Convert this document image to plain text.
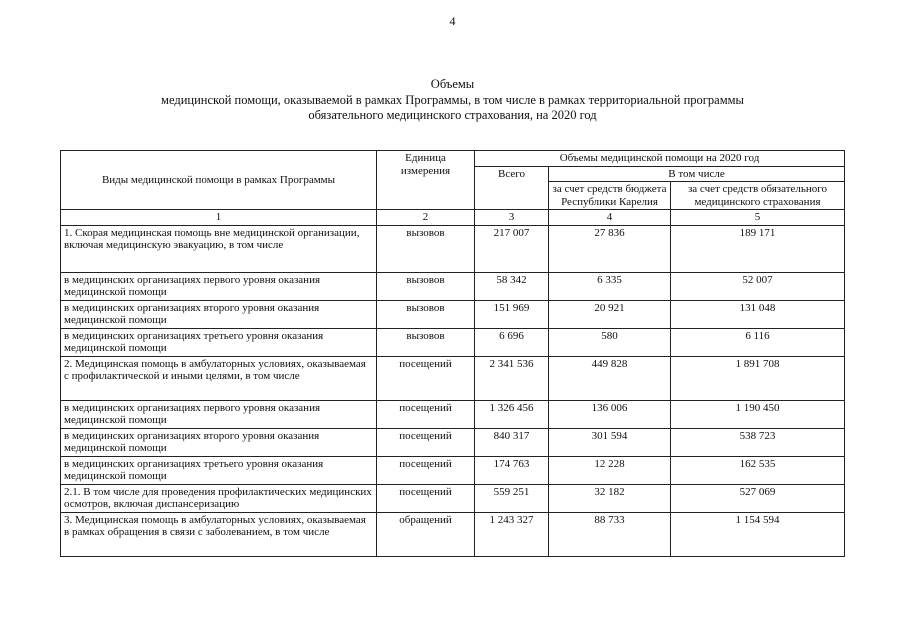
4
Объемы
медицинской помощи, оказываемой в рамках Программы, в том числе в рамках территориальной программы
обязательного медицинского страхования, на 2020 год
Виды медицинской помощи в рамках Программы	Единица измерения	Объемы медицинской помощи на 2020 год		
		Всего	В том числе	
			за счет средств бюджета Республики Карелия	за счет средств обязательного медицинского страхования
1	2	3	4	5
1. Скорая медицинская помощь вне медицинской организации, включая медицинскую эвакуацию, в том числе	вызовов	217 007	27 836	189 171
в медицинских организациях первого уровня оказания медицинской помощи	вызовов	58 342	6 335	52 007
в медицинских организациях второго уровня оказания медицинской помощи	вызовов	151 969	20 921	131 048
в медицинских организациях третьего уровня оказания медицинской помощи	вызовов	6 696	580	6 116
2. Медицинская помощь в амбулаторных условиях, оказываемая с профилактической и иными целями, в том числе	посещений	2 341 536	449 828	1 891 708
в медицинских организациях первого уровня оказания медицинской помощи	посещений	1 326 456	136 006	1 190 450
в медицинских организациях второго уровня оказания медицинской помощи	посещений	840 317	301 594	538 723
в медицинских организациях третьего уровня оказания медицинской помощи	посещений	174 763	12 228	162 535
2.1. В том числе для проведения профилактических медицинских осмотров, включая диспансеризацию	посещений	559 251	32 182	527 069
3. Медицинская помощь в амбулаторных условиях, оказываемая в рамках обращения в связи с заболеванием, в том числе	обращений	1 243 327	88 733	1 154 594
